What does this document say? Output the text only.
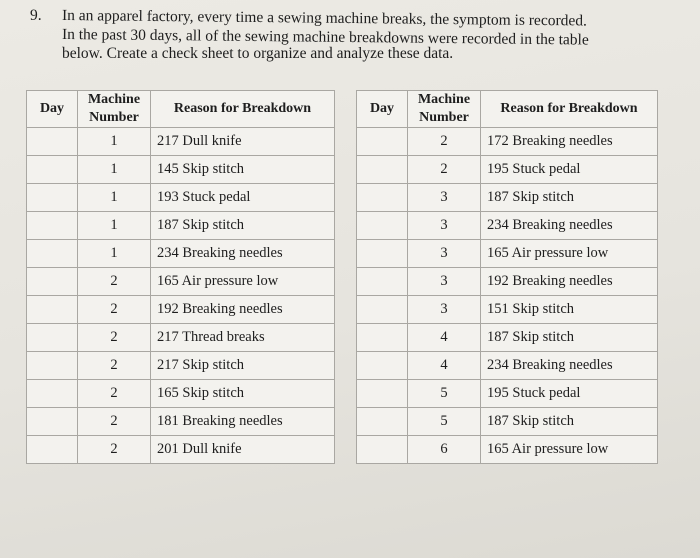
9. In an apparel factory, every time a sewing machine breaks, the symptom is recorded.
In the past 30 days, all of the sewing machine breakdowns were recorded in the table
below. Create a check sheet to organize and analyze these data.
Day	Machine Number	Reason for Breakdown
	1	217 Dull knife
	1	145 Skip stitch
	1	193 Stuck pedal
	1	187 Skip stitch
	1	234 Breaking needles
	2	165 Air pressure low
	2	192 Breaking needles
	2	217 Thread breaks
	2	217 Skip stitch
	2	165 Skip stitch
	2	181 Breaking needles
	2	201 Dull knife
Day	Machine Number	Reason for Breakdown
	2	172 Breaking needles
	2	195 Stuck pedal
	3	187 Skip stitch
	3	234 Breaking needles
	3	165 Air pressure low
	3	192 Breaking needles
	3	151 Skip stitch
	4	187 Skip stitch
	4	234 Breaking needles
	5	195 Stuck pedal
	5	187 Skip stitch
	6	165 Air pressure low
